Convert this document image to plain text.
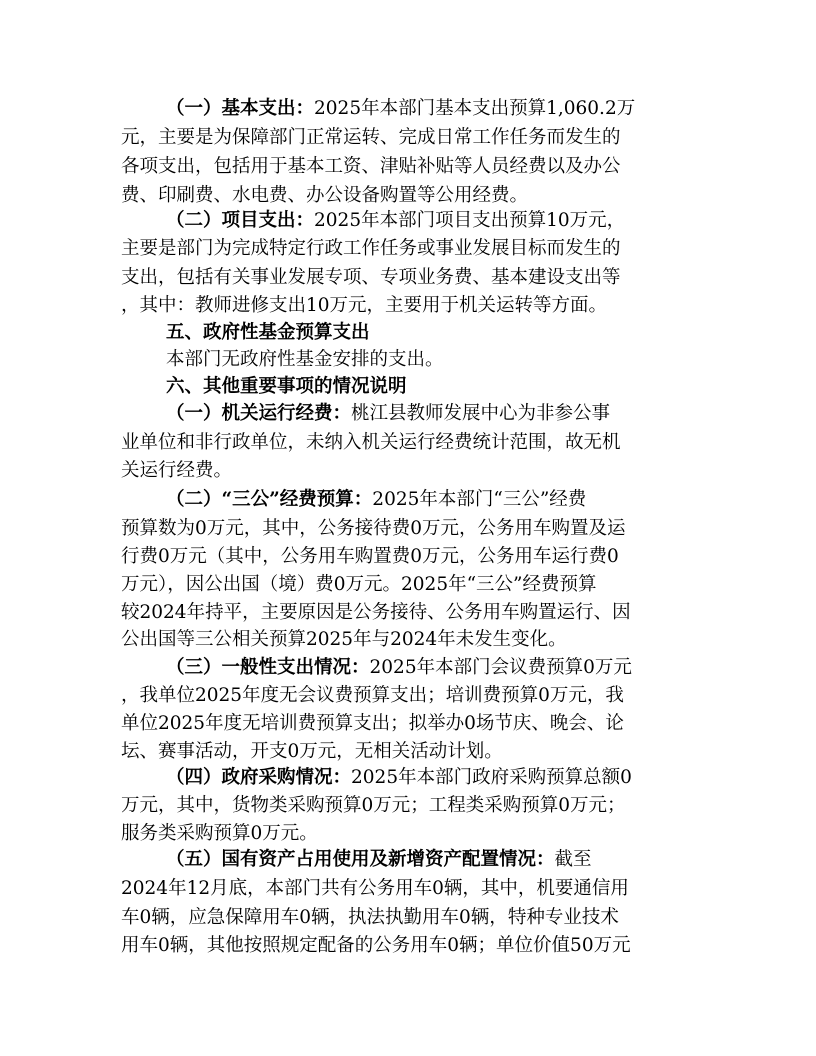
（一）基本支出：2025年本部门基本支出预算1,060.2万
元，主要是为保障部门正常运转、完成日常工作任务而发生的
各项支出，包括用于基本工资、津贴补贴等人员经费以及办公
费、印刷费、水电费、办公设备购置等公用经费。
（二）项目支出：2025年本部门项目支出预算10万元，
主要是部门为完成特定行政工作任务或事业发展目标而发生的
支出，包括有关事业发展专项、专项业务费、基本建设支出等
，其中：教师进修支出10万元，主要用于机关运转等方面。
五、政府性基金预算支出
本部门无政府性基金安排的支出。
六、其他重要事项的情况说明
（一）机关运行经费：桃江县教师发展中心为非参公事
业单位和非行政单位，未纳入机关运行经费统计范围，故无机
关运行经费。
（二）“三公”经费预算：2025年本部门“三公”经费
预算数为0万元，其中，公务接待费0万元，公务用车购置及运
行费0万元（其中，公务用车购置费0万元，公务用车运行费0
万元），因公出国（境）费0万元。2025年“三公”经费预算
较2024年持平，主要原因是公务接待、公务用车购置运行、因
公出国等三公相关预算2025年与2024年未发生变化。
（三）一般性支出情况：2025年本部门会议费预算0万元
，我单位2025年度无会议费预算支出；培训费预算0万元，我
单位2025年度无培训费预算支出；拟举办0场节庆、晚会、论
坛、赛事活动，开支0万元，无相关活动计划。
（四）政府采购情况：2025年本部门政府采购预算总额0
万元，其中，货物类采购预算0万元；工程类采购预算0万元；
服务类采购预算0万元。
（五）国有资产占用使用及新增资产配置情况：截至
2024年12月底，本部门共有公务用车0辆，其中，机要通信用
车0辆，应急保障用车0辆，执法执勤用车0辆，特种专业技术
用车0辆，其他按照规定配备的公务用车0辆；单位价值50万元
